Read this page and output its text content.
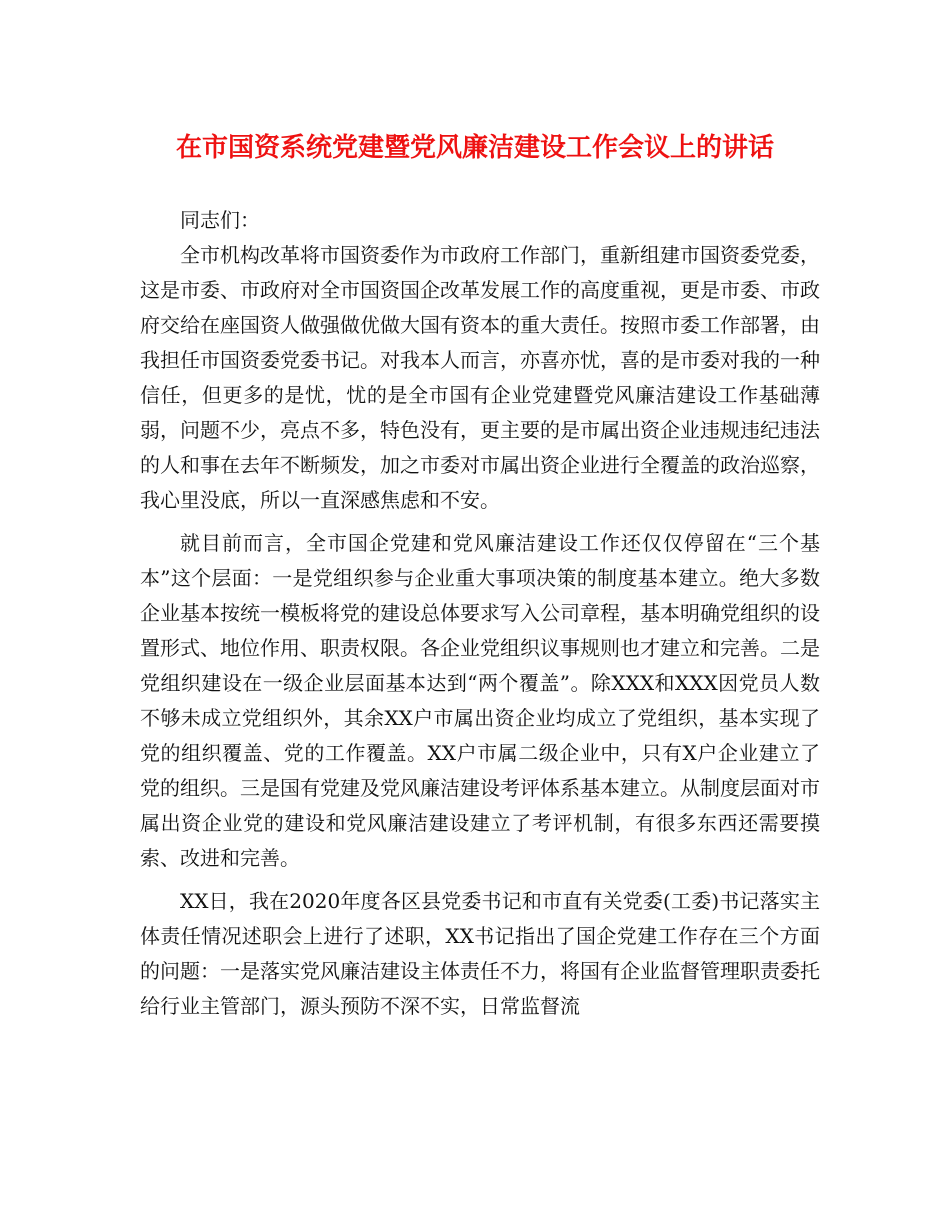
在市国资系统党建暨党风廉洁建设工作会议上的讲话

同志们：

全市机构改革将市国资委作为市政府工作部门，重新组建市国资委党委，这是市委、市政府对全市国资国企改革发展工作的高度重视，更是市委、市政府交给在座国资人做强做优做大国有资本的重大责任。按照市委工作部署，由我担任市国资委党委书记。对我本人而言，亦喜亦忧，喜的是市委对我的一种信任，但更多的是忧，忧的是全市国有企业党建暨党风廉洁建设工作基础薄弱，问题不少，亮点不多，特色没有，更主要的是市属出资企业违规违纪违法的人和事在去年不断频发，加之市委对市属出资企业进行全覆盖的政治巡察，我心里没底，所以一直深感焦虑和不安。

就目前而言，全市国企党建和党风廉洁建设工作还仅仅停留在“三个基本”这个层面：一是党组织参与企业重大事项决策的制度基本建立。绝大多数企业基本按统一模板将党的建设总体要求写入公司章程，基本明确党组织的设置形式、地位作用、职责权限。各企业党组织议事规则也才建立和完善。二是党组织建设在一级企业层面基本达到“两个覆盖”。除XXX和XXX因党员人数不够未成立党组织外，其余XX户市属出资企业均成立了党组织，基本实现了党的组织覆盖、党的工作覆盖。XX户市属二级企业中，只有X户企业建立了党的组织。三是国有党建及党风廉洁建设考评体系基本建立。从制度层面对市属出资企业党的建设和党风廉洁建设建立了考评机制，有很多东西还需要摸索、改进和完善。

XX日，我在2020年度各区县党委书记和市直有关党委(工委)书记落实主体责任情况述职会上进行了述职，XX书记指出了国企党建工作存在三个方面的问题：一是落实党风廉洁建设主体责任不力，将国有企业监督管理职责委托给行业主管部门，源头预防不深不实，日常监督流
